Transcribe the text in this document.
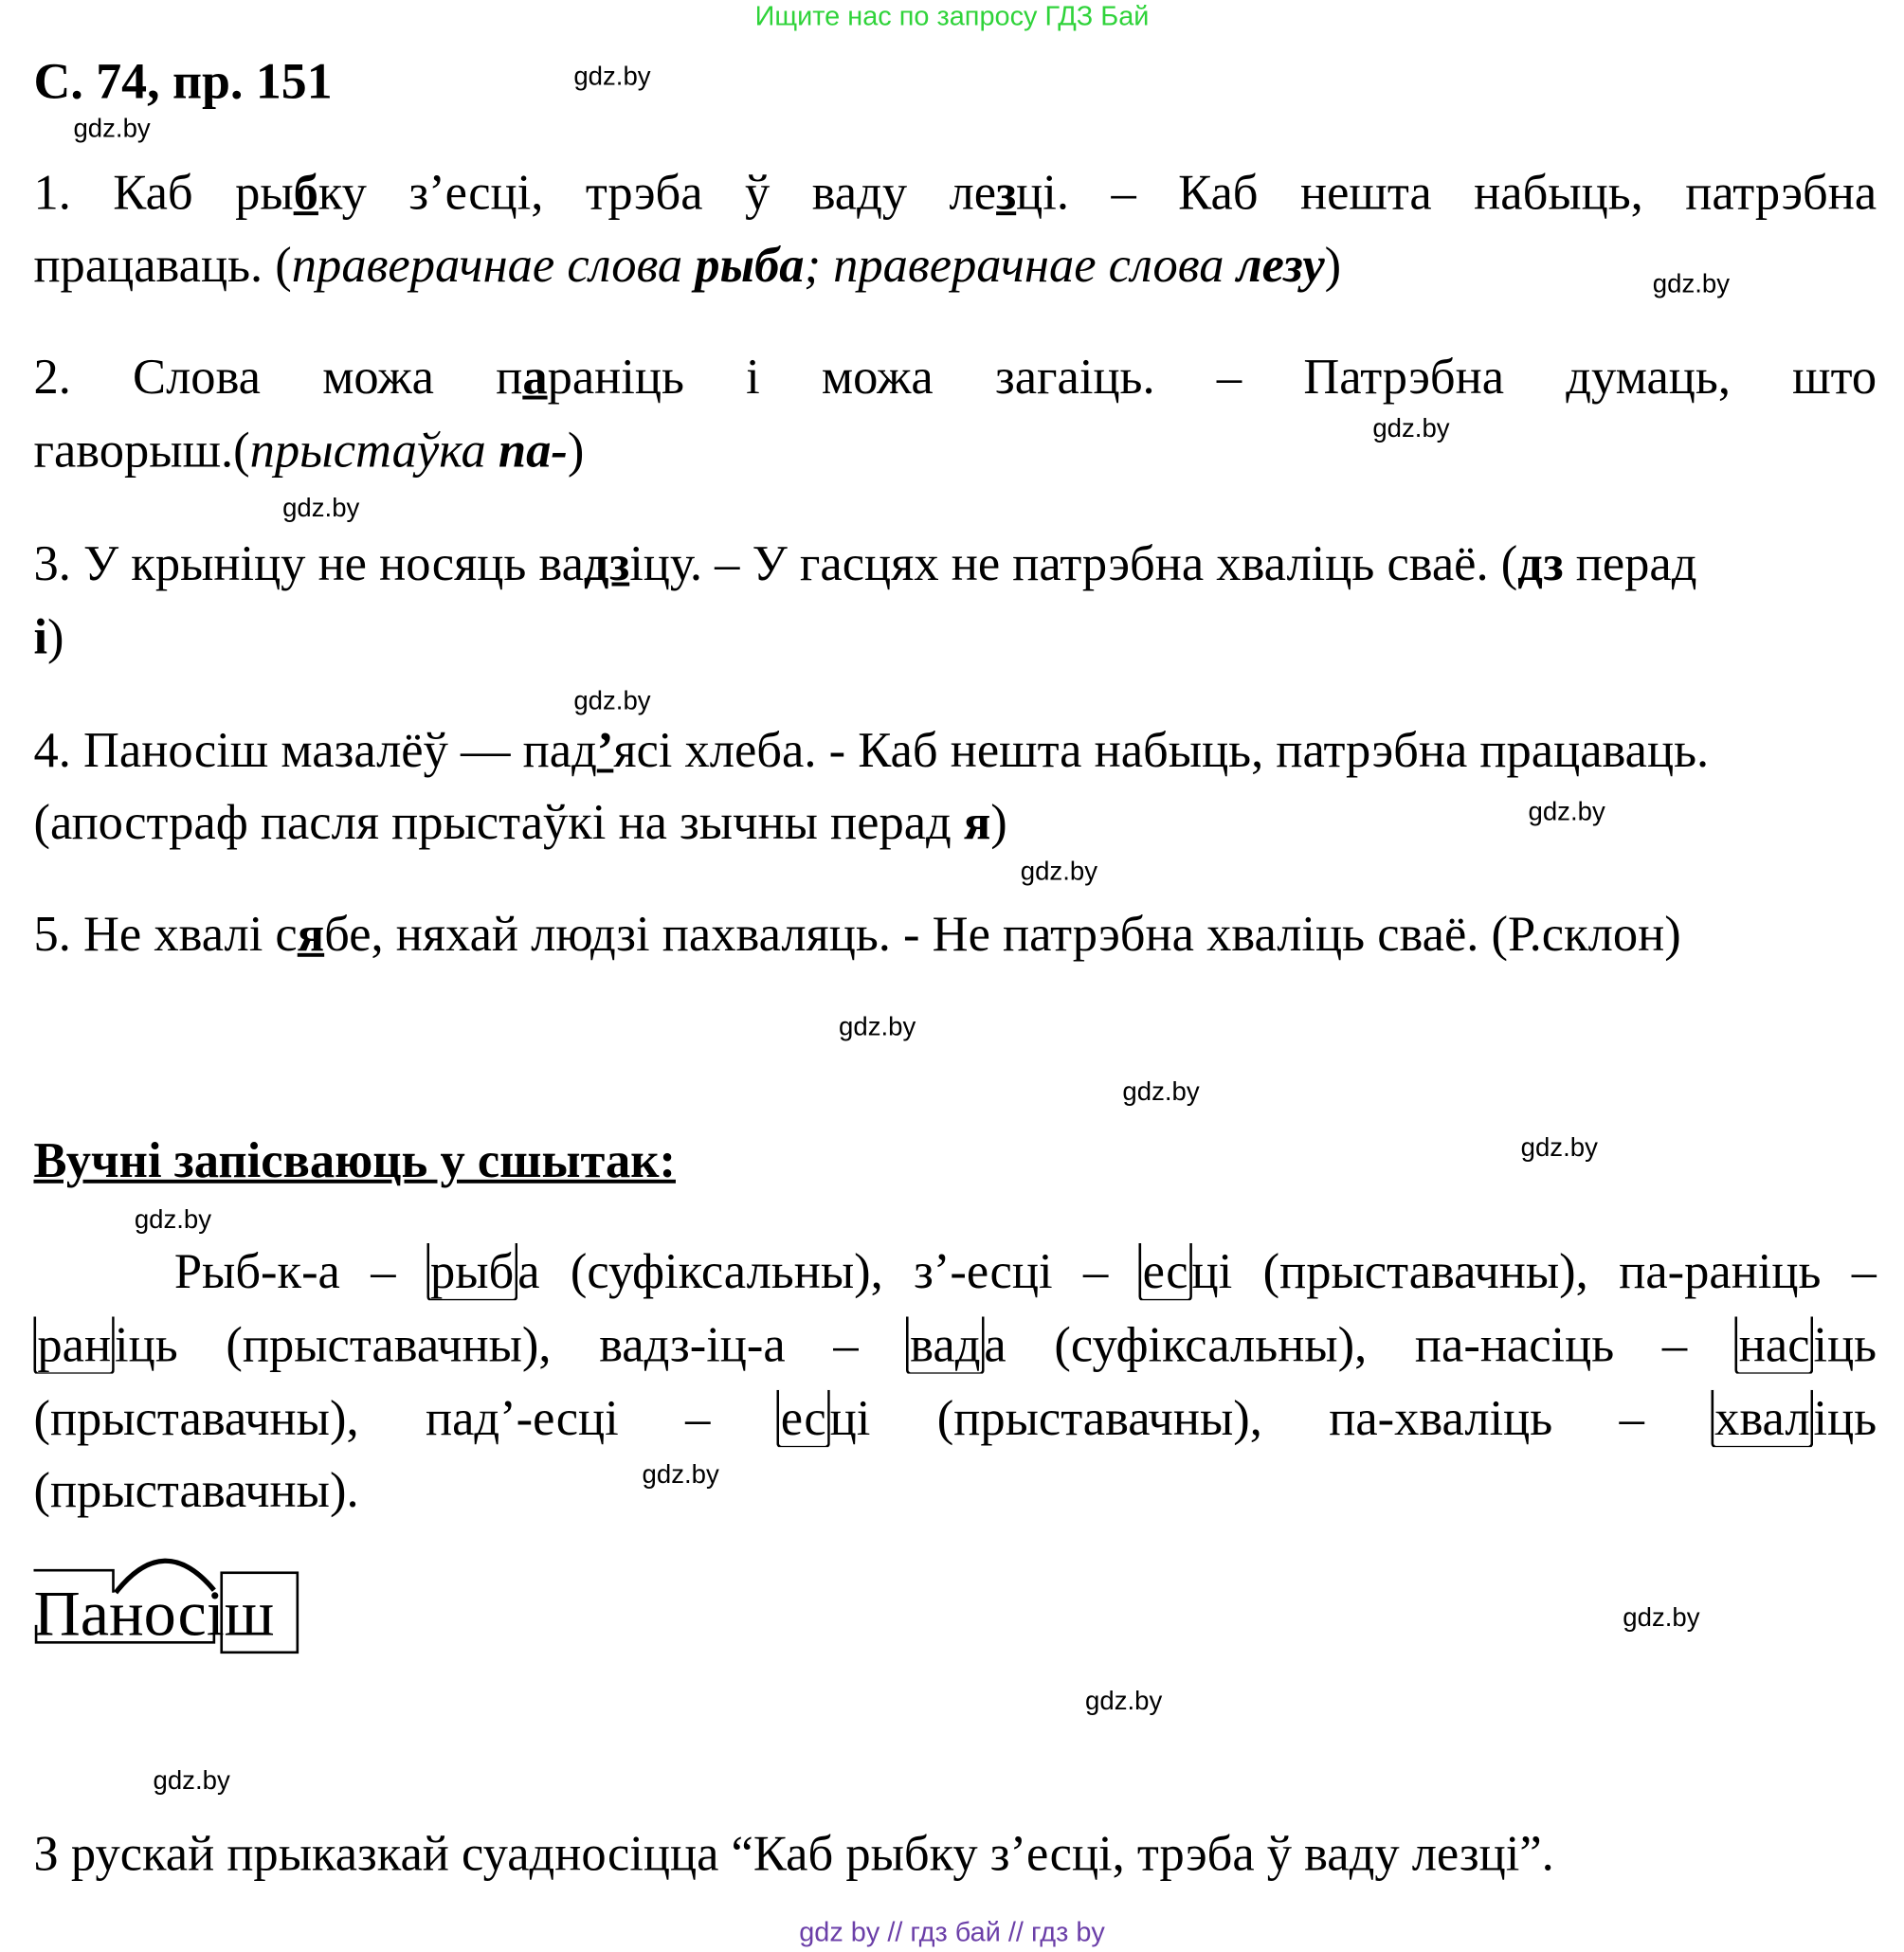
Ищите нас по запросу ГДЗ Бай
С. 74, пр. 151	gdz.by
gdz.by
gdz.by
gdz.by
gdz.by
gdz.by
gdz.by
gdz.by
gdz.by
gdz.by
gdz.by
gdz.by
gdz.by
gdz.by
gdz.by
gdz.by
1. Каб рыбку з’есці, трэба ў ваду лезці. – Каб нешта набыць, патрэбна
працаваць. (праверачнае слова рыба; праверачнае слова лезу)
2. Слова можа параніць і можа загаіць. – Патрэбна думаць, што
гаворыш.(прыстаўка па-)
3. У крыніцу не носяць вадзіцу. – У гасцях не патрэбна хваліць сваё. (дз перад
і)
4. Паносіш мазалёў — пад’ясі хлеба. - Каб нешта набыць, патрэбна працаваць.
(апостраф пасля прыстаўкі на зычны перад я)
5. Не хвалі сябе, няхай людзі пахваляць. - Не патрэбна хваліць сваё. (Р.склон)
Вучні запісваюць у сшытак:
Рыб-к-а – рыба (суфіксальны), з’-есці – есці (прыставачны), па-раніць –
раніць (прыставачны), вадз-іц-а – вада (суфіксальны), па-насіць – насіць
(прыставачны), пад’-есці – есці (прыставачны), па-хваліць – хваліць
(прыставачны).
Паносіш
З рускай прыказкай суадносіцца “Каб рыбку з’есці, трэба ў ваду лезці”.
gdz by // гдз бай // гдз by
